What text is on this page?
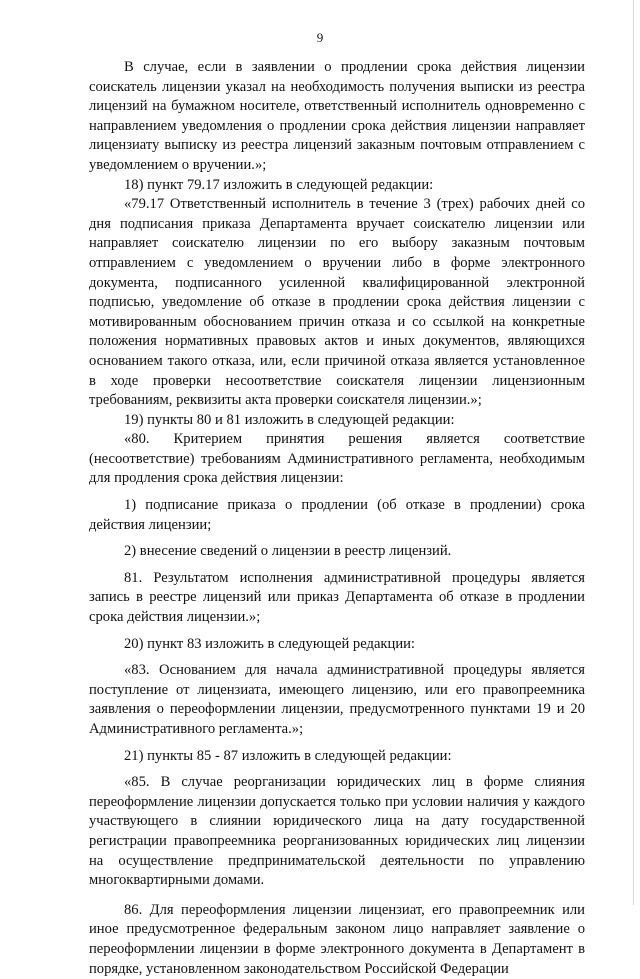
9

В случае, если в заявлении о продлении срока действия лицензии соискатель лицензии указал на необходимость получения выписки из реестра лицензий на бумажном носителе, ответственный исполнитель одновременно с направлением уведомления о продлении срока действия лицензии направляет лицензиату выписку из реестра лицензий заказным почтовым отправлением с уведомлением о вручении.»;

18) пункт 79.17 изложить в следующей редакции:

«79.17 Ответственный исполнитель в течение 3 (трех) рабочих дней со дня подписания приказа Департамента вручает соискателю лицензии или направляет соискателю лицензии по его выбору заказным почтовым отправлением с уведомлением о вручении либо в форме электронного документа, подписанного усиленной квалифицированной электронной подписью, уведомление об отказе в продлении срока действия лицензии с мотивированным обоснованием причин отказа и со ссылкой на конкретные положения нормативных правовых актов и иных документов, являющихся основанием такого отказа, или, если причиной отказа является установленное в ходе проверки несоответствие соискателя лицензии лицензионным требованиям, реквизиты акта проверки соискателя лицензии.»;

19) пункты 80 и 81 изложить в следующей редакции:

«80. Критерием принятия решения является соответствие (несоответствие) требованиям Административного регламента, необходимым для продления срока действия лицензии:

1) подписание приказа о продлении (об отказе в продлении) срока действия лицензии;

2) внесение сведений о лицензии в реестр лицензий.

81. Результатом исполнения административной процедуры является запись в реестре лицензий или приказ Департамента об отказе в продлении срока действия лицензии.»;

20) пункт 83 изложить в следующей редакции:

«83. Основанием для начала административной процедуры является поступление от лицензиата, имеющего лицензию, или его правопреемника заявления о переоформлении лицензии, предусмотренного пунктами 19 и 20 Административного регламента.»;

21) пункты 85 - 87 изложить в следующей редакции:

«85. В случае реорганизации юридических лиц в форме слияния переоформление лицензии допускается только при условии наличия у каждого участвующего в слиянии юридического лица на дату государственной регистрации правопреемника реорганизованных юридических лиц лицензии на осуществление предпринимательской деятельности по управлению многоквартирными домами.

86. Для переоформления лицензии лицензиат, его правопреемник или иное предусмотренное федеральным законом лицо направляет заявление о переоформлении лицензии в форме электронного документа в Департамент в порядке, установленном законодательством Российской Федерации
